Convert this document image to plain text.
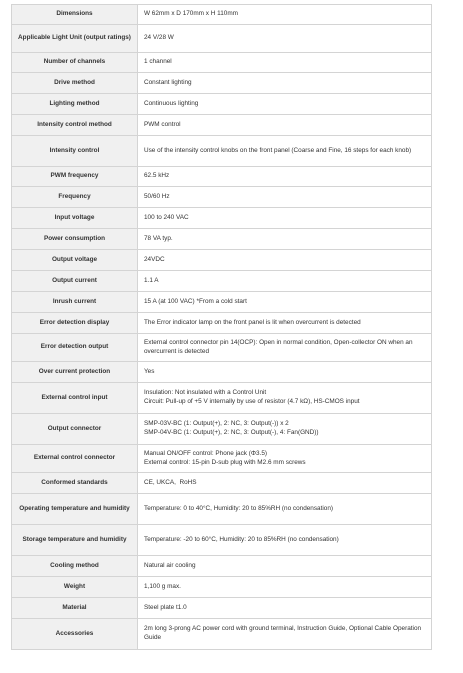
Dimensions	W 62mm x D 170mm x H 110mm
Applicable Light Unit (output ratings)	24 V/28 W
Number of channels	1 channel
Drive method	Constant lighting
Lighting method	Continuous lighting
Intensity control method	PWM control
Intensity control	Use of the intensity control knobs on the front panel (Coarse and Fine, 16 steps for each knob)
PWM frequency	62.5 kHz
Frequency	50/60 Hz
Input voltage	100 to 240 VAC
Power consumption	78 VA typ.
Output voltage	24VDC
Output current	1.1 A
Inrush current	15 A (at 100 VAC) *From a cold start
Error detection display	The Error indicator lamp on the front panel is lit when overcurrent is detected
Error detection output	External control connector pin 14(OCP): Open in normal condition, Open-collector ON when an overcurrent is detected
Over current protection	Yes
External control input	Insulation: Not insulated with a Control Unit
Circuit: Pull-up of +5 V internally by use of resistor (4.7 kΩ), HS-CMOS input
Output connector	SMP-03V-BC (1: Output(+), 2: NC, 3: Output(-)) x 2
SMP-04V-BC (1: Output(+), 2: NC, 3: Output(-), 4: Fan(GND))
External control connector	Manual ON/OFF control: Phone jack (Φ3.5)
External control: 15-pin D-sub plug with M2.6 mm screws
Conformed standards	CE, UKCA,  RoHS
Operating temperature and humidity	Temperature: 0 to 40°C, Humidity: 20 to 85%RH (no condensation)
Storage temperature and humidity	Temperature: -20 to 60°C, Humidity: 20 to 85%RH (no condensation)
Cooling method	Natural air cooling
Weight	1,100 g max.
Material	Steel plate t1.0
Accessories	2m long 3-prong AC power cord with ground terminal, Instruction Guide, Optional Cable Operation Guide
